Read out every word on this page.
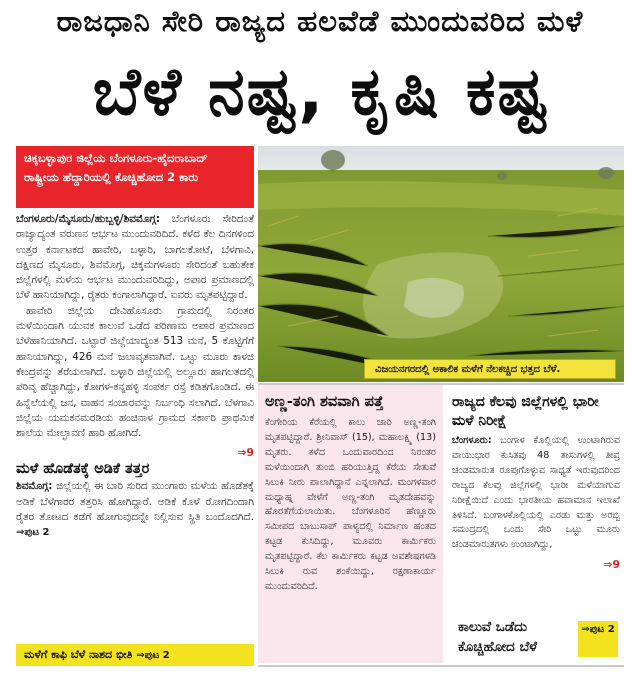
ರಾಜಧಾನಿ ಸೇರಿ ರಾಜ್ಯದ ಹಲವೆಡೆ ಮುಂದುವರಿದ ಮಳೆ
ಬೆಳೆ ನಷ್ಟ, ಕೃಷಿ ಕಷ್ಟ
ಚಿಕ್ಕಬಳ್ಳಾಪುರ ಜಿಲ್ಲೆಯ ಬೆಂಗಳೂರು-ಹೈದರಾಬಾದ್ ರಾಷ್ಟ್ರೀಯ ಹೆದ್ದಾರಿಯಲ್ಲಿ ಕೊಚ್ಚಿಹೋದ 2 ಕಾರು
ಬೆಂಗಳೂರು/ಮೈಸೂರು/ಹುಬ್ಬಳ್ಳಿ/ಶಿವಮೊಗ್ಗ: ಬೆಂಗಳೂರು ಸೇರಿದಂತೆ ರಾಜ್ಯಾದ್ಯಂತ ವರುಣನ ಆರ್ಭಟ ಮುಂದುವರಿದಿದೆ. ಕಳೆದ ಕೆಲ ದಿನಗಳಿಂದ ಉತ್ತರ ಕರ್ನಾಟಕದ ಹಾವೇರಿ, ಬಳ್ಳಾರಿ, ಬಾಗಲಕೋಟೆ, ಬೆಳಗಾವಿ, ದಕ್ಷಿಣದ ಮೈಸೂರು, ಶಿವಮೊಗ್ಗ, ಚಿಕ್ಕಮಗಳೂರು ಸೇರಿದಂತೆ ಬಹುತೇಕ ಜಿಲ್ಲೆಗಳಲ್ಲಿ ಮಳೆಯ ಆರ್ಭಟ ಮುಂದುವರಿದಿದ್ದು, ಅಪಾರ ಪ್ರಮಾಣದಲ್ಲಿ ಬೆಳೆ ಹಾನಿಯಾಗಿದ್ದು, ರೈತರು ಕಂಗಾಲಾಗಿದ್ದಾರೆ. ಐವರು ಮೃತಪಟ್ಟಿದ್ದಾರೆ.
ಹಾವೇರಿ ಜಿಲ್ಲೆಯ ದೇವಿಹೊಸೂರು ಗ್ರಾಮದಲ್ಲಿ ನಿರಂತರ ಮಳೆಯಿಂದಾಗಿ ಯುವಕ ಕಾಲುವೆ ಒಡೆದ ಪರಿಣಾಮ ಅಪಾರ ಪ್ರಮಾಣದ ಬೆಳೆಹಾನಿಯಾಗಿದೆ. ಒಟ್ಟಾರೆ ಜಿಲ್ಲೆಯಾದ್ಯಂತ 513 ಮನೆ, 5 ಕೊಟ್ಟಿಗೆಗೆ ಹಾನಿಯಾಗಿದ್ದು, 426 ಮನೆ ಜಲಾವೃತವಾಗಿವೆ. ಒಟ್ಟು ಮೂರು ಕಾಳಜಿ ಕೇಂದ್ರವನ್ನು ತೆರೆಯಲಾಗಿದೆ. ಬಳ್ಳಾರಿ ಜಿಲ್ಲೆಯಲ್ಲಿ ಅಲ್ಲೂರು ಹಾಗಲತದಲ್ಲಿ ಪರಿವೃ ಹೆಚ್ಚಾಗಿದ್ದು, ಕೋಗಳ-ಕನ್ನಹಳ್ಳಿ ಸಂಪರ್ಕ ರಸ್ತೆ ಕಡಿತಗೊಂಡಿದೆ. ಈ ಹಿನ್ನೆಲೆಯಲ್ಲಿ ಜನ, ವಾಹನ ಸಂಚಾರವನ್ನು ನಿರ್ಬಂಧಿ ಸಲಾಗಿದೆ. ಬೆಳಗಾವಿ ಜಿಲ್ಲೆಯ ಯಮಕನಮರಡಿಯ ಹಂಚಿನಾಳ ಗ್ರಾಮದ ಸರ್ಕಾರಿ ಪ್ರಾಥಮಿಕ ಶಾಲೆಯ ಮೇಲ್ಛಾವಣಿ ಹಾರಿ ಹೋಗಿದೆ.
⇒9
ಮಳೆ ಹೊಡೆತಕ್ಕೆ ಅಡಿಕೆ ತತ್ತರ
ಶಿವಮೊಗ್ಗ: ಜಿಲ್ಲೆಯಲ್ಲಿ ಈ ಬಾರಿ ಸುರಿದ ಮುಂಗಾರು ಮಳೆಯ ಹೊಡೆತಕ್ಕೆ ಅಡಿಕೆ ಬೆಳೆಗಾರರ ತತ್ತರಿಸಿ ಹೋಗಿದ್ದಾರೆ. ಅಡಿಕೆ ಕೊಳೆ ರೋಗದಿಂದಾಗಿ ರೈತರ ತೋಟದ ಕಡೆಗೆ ಹೋಗುವುದನ್ನೇ ನಿಲ್ಲಿಸುವ ಸ್ಥಿತಿ ಬಂದೊದಗಿದೆ. ⇒ಪುಟ 2
ಮಳೆಗೆ ಕಾಫಿ ಬೆಳೆ ನಾಶದ ಭೀತಿ ⇒ಪುಟ 2
ವಿಜಯನಗರದಲ್ಲಿ ಅಕಾಲಿಕ ಮಳೆಗೆ ನೆಲಕಚ್ಚಿದ ಭತ್ತದ ಬೆಳೆ.
ಅಣ್ಣ-ತಂಗಿ ಶವವಾಗಿ ಪತ್ತೆ
ಕೆಂಗೇರಿಯ ಕೆರೆಯಲ್ಲಿ ಕಾಲು ಜಾರಿ ಅಣ್ಣ-ತಂಗಿ ಮೃತಪಟ್ಟಿದ್ದಾರೆ. ಶ್ರೀನಿವಾಸ್ (15), ಮಹಾಲಕ್ಷ್ಮಿ (13) ಮೃತರು. ಕಳೆದ ಒಂದುವಾರದಿಂದ ನಿರಂತರ ಮಳೆಯಿಂದಾಗಿ ತುಂಬಿ ಹರಿಯುತ್ತಿದ್ದ ಕೆರೆಯ ಸೇತುವೆ ಸಿಲುಕಿ ನೀರು ಪಾಲಾಗಿದ್ದಾನೆ ಎನ್ನಲಾಗಿದೆ. ಮಂಗಳವಾರ ಮಧ್ಯಾಹ್ನ ವೇಳೆಗೆ ಅಣ್ಣ-ತಂಗಿ ಮೃತದೇಹವನ್ನು ಹೊರತೆಗೆಯಲಾಯಿತು. ಬೆಂಗಳೂರಿನ ಹೆಣ್ಣೂರು ಸಮೀಪದ ಬಾಬುಸಾಪ್ ಪಾಳ್ಯದಲ್ಲಿ ನಿರ್ಮಾಣ ಹಂತದ ಕಟ್ಟಡ ಕುಸಿದಿದ್ದು, ಮೂವರು ಕಾರ್ಮಿಕರು ಮೃತಪಟ್ಟಿದ್ದಾರೆ. ಕೆಲ ಕಾರ್ಮಿಕರು ಕಟ್ಟಡ ಅವಶೇಷಗಳಡಿ ಸಿಲುಕಿ ರುವ ಶಂಕೆಯಿದ್ದು, ರಕ್ಷಣಾಕಾರ್ಯ ಮುಂದುವರಿದಿದೆ.
ರಾಜ್ಯದ ಕೆಲವು ಜಿಲ್ಲೆಗಳಲ್ಲಿ ಭಾರೀ ಮಳೆ ನಿರೀಕ್ಷೆ
ಬೆಂಗಳೂರು: ಬಂಗಾಳ ಕೊಲ್ಲಿಯಲ್ಲಿ ಉಂಟಾಗಿರುವ ವಾಯುಭಾರ ಕುಸಿತವು 48 ತಾಸುಗಳಲ್ಲಿ ತೀವ್ರ ಚಂಡಮಾರುತ ರೂಪುಗೊಳ್ಳುವ ಸಾಧ್ಯತೆ ಇರುವುದರಿಂದ ರಾಜ್ಯದ ಕೆಲವು ಜಿಲ್ಲೆಗಳಲ್ಲಿ ಭಾರೀ ಮಳೆಯಾಗುವ ನಿರೀಕ್ಷೆಯಿದೆ ಎಂದು ಭಾರತೀಯ ಹವಾಮಾನ ಇಲಾಖೆ ತಿಳಿಸಿದೆ. ಬಂಗಾಳಕೊಲ್ಲಿಯಲ್ಲಿ ಎರಡು ಮತ್ತು ಅರಬ್ಬಿ ಸಮುದ್ರದಲ್ಲಿ ಒಂದು ಸೇರಿ ಒಟ್ಟು ಮೂರು ಚಂಡಮಾರುತಗಳು ಉಂಟಾಗಿದ್ದು,
⇒9
ಕಾಲುವೆ ಒಡೆದು ಕೊಚ್ಚಿಹೋದ ಬೆಳೆ
⇒ಪುಟ 2
